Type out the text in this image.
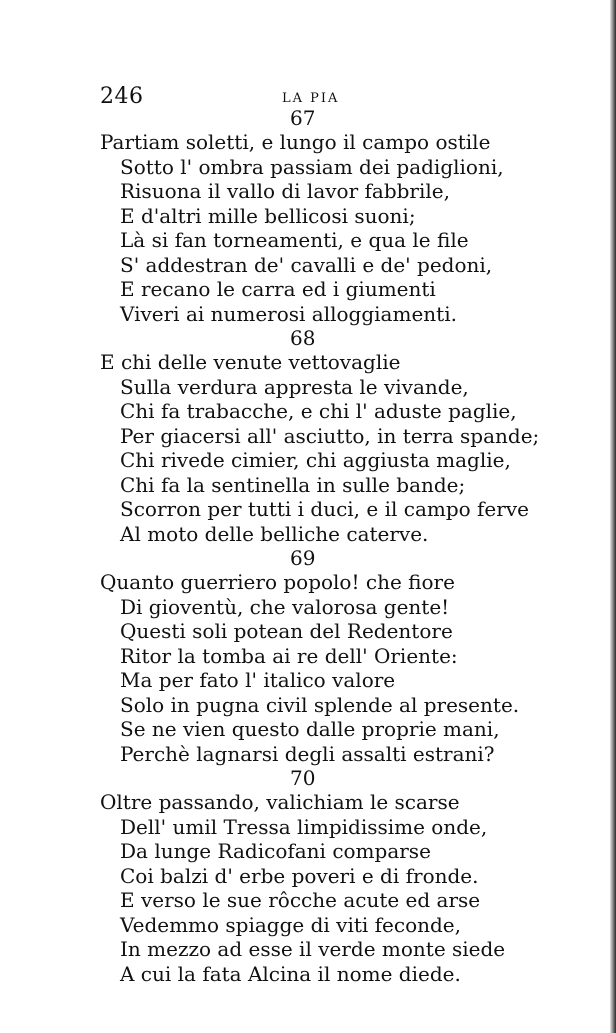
246	LA PIA
67
Partiam soletti, e lungo il campo ostile
Sotto l' ombra passiam dei padiglioni,
Risuona il vallo di lavor fabbrile,
E d'altri mille bellicosi suoni;
Là si fan torneamenti, e qua le file
S' addestran de' cavalli e de' pedoni,
E recano le carra ed i giumenti
Viveri ai numerosi alloggiamenti.
68
E chi delle venute vettovaglie
Sulla verdura appresta le vivande,
Chi fa trabacche, e chi l' aduste paglie,
Per giacersi all' asciutto, in terra spande;
Chi rivede cimier, chi aggiusta maglie,
Chi fa la sentinella in sulle bande;
Scorron per tutti i duci, e il campo ferve
Al moto delle belliche caterve.
69
Quanto guerriero popolo! che fiore
Di gioventù, che valorosa gente!
Questi soli potean del Redentore
Ritor la tomba ai re dell' Oriente:
Ma per fato l' italico valore
Solo in pugna civil splende al presente.
Se ne vien questo dalle proprie mani,
Perchè lagnarsi degli assalti estrani?
70
Oltre passando, valichiam le scarse
Dell' umil Tressa limpidissime onde,
Da lunge Radicofani comparse
Coi balzi d' erbe poveri e di fronde.
E verso le sue rôcche acute ed arse
Vedemmo spiagge di viti feconde,
In mezzo ad esse il verde monte siede
A cui la fata Alcina il nome diede.
